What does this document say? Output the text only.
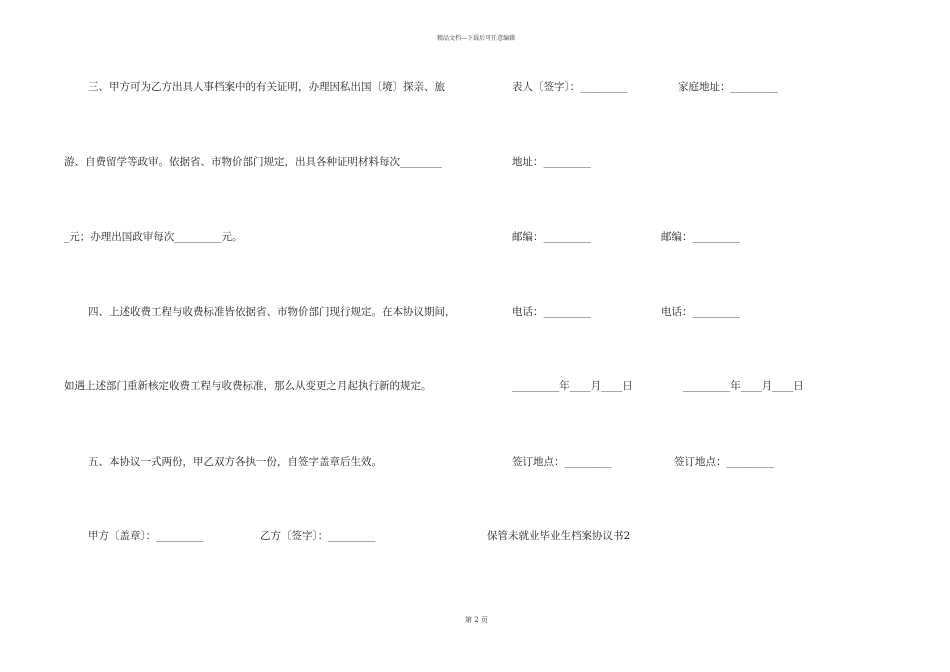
精品文档---下载后可任意编辑
三、甲方可为乙方出具人事档案中的有关证明，办理因私出国〔境〕探亲、旅
游、自费留学等政审。依据省、市物价部门规定，出具各种证明材料每次________
_元；办理出国政审每次_________元。
四、上述收费工程与收费标准皆依据省、市物价部门现行规定。在本协议期间，
如遇上述部门重新核定收费工程与收费标准，那么从变更之月起执行新的规定。
五、本协议一式两份，甲乙双方各执一份，自签字盖章后生效。
甲方〔盖章〕：_________	乙方〔签字〕：_________
表人〔签字〕：_________	家庭地址：_________
地址：_________
邮编：_________	邮编：_________
电话：_________	电话：_________
_________年____月____日	_________年____月____日
签订地点：_________	签订地点：_________
保管未就业毕业生档案协议书2
第 2 页
